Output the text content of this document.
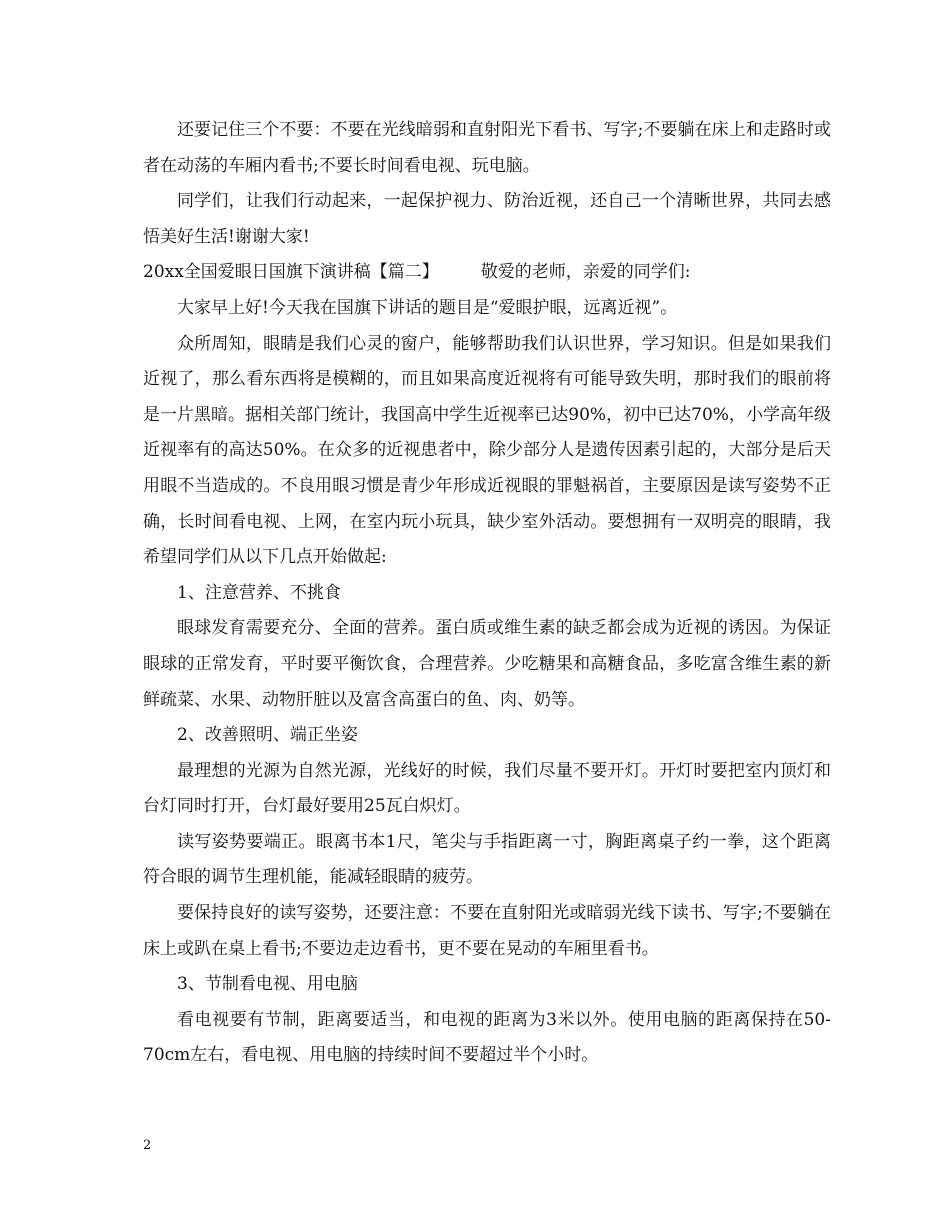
还要记住三个不要：不要在光线暗弱和直射阳光下看书、写字;不要躺在床上和走路时或者在动荡的车厢内看书;不要长时间看电视、玩电脑。

同学们，让我们行动起来，一起保护视力、防治近视，还自己一个清晰世界，共同去感悟美好生活!谢谢大家!

20xx全国爱眼日国旗下演讲稿【篇二】 敬爱的老师，亲爱的同学们:

大家早上好!今天我在国旗下讲话的题目是“爱眼护眼，远离近视”。

众所周知，眼睛是我们心灵的窗户，能够帮助我们认识世界，学习知识。但是如果我们近视了，那么看东西将是模糊的，而且如果高度近视将有可能导致失明，那时我们的眼前将是一片黑暗。据相关部门统计，我国高中学生近视率已达90%，初中已达70%，小学高年级近视率有的高达50%。在众多的近视患者中，除少部分人是遗传因素引起的，大部分是后天用眼不当造成的。不良用眼习惯是青少年形成近视眼的罪魁祸首，主要原因是读写姿势不正确，长时间看电视、上网，在室内玩小玩具，缺少室外活动。要想拥有一双明亮的眼睛，我希望同学们从以下几点开始做起:

1、注意营养、不挑食

眼球发育需要充分、全面的营养。蛋白质或维生素的缺乏都会成为近视的诱因。为保证眼球的正常发育，平时要平衡饮食，合理营养。少吃糖果和高糖食品，多吃富含维生素的新鲜疏菜、水果、动物肝脏以及富含高蛋白的鱼、肉、奶等。

2、改善照明、端正坐姿

最理想的光源为自然光源，光线好的时候，我们尽量不要开灯。开灯时要把室内顶灯和台灯同时打开，台灯最好要用25瓦白炽灯。

读写姿势要端正。眼离书本1尺，笔尖与手指距离一寸，胸距离桌子约一拳，这个距离符合眼的调节生理机能，能减轻眼睛的疲劳。

要保持良好的读写姿势，还要注意：不要在直射阳光或暗弱光线下读书、写字;不要躺在床上或趴在桌上看书;不要边走边看书，更不要在晃动的车厢里看书。

3、节制看电视、用电脑

看电视要有节制，距离要适当，和电视的距离为3米以外。使用电脑的距离保持在50-70cm左右，看电视、用电脑的持续时间不要超过半个小时。

2
